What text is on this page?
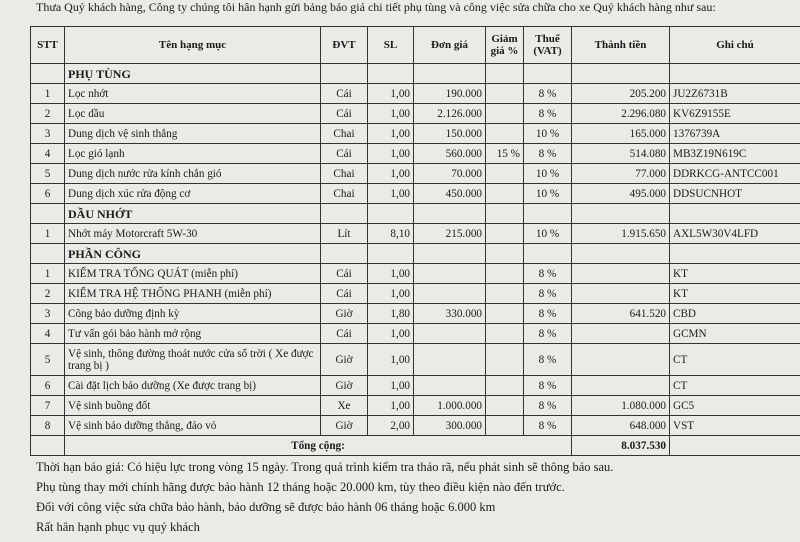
Thưa Quý khách hàng, Công ty chúng tôi hân hạnh gửi bảng báo giá chi tiết phụ tùng và công việc sửa chữa cho xe Quý khách hàng như sau:
STT	Tên hạng mục	ĐVT	SL	Đơn giá	Giảm giá %	Thuế (VAT)	Thành tiền	Ghi chú
	PHỤ TÙNG							
1	Lọc nhớt	Cái	1,00	190.000		8 %	205.200	JU2Z6731B
2	Lọc dầu	Cái	1,00	2.126.000		8 %	2.296.080	KV6Z9155E
3	Dung dịch vệ sinh thắng	Chai	1,00	150.000		10 %	165.000	1376739A
4	Lọc gió lạnh	Cái	1,00	560.000	15 %	8 %	514.080	MB3Z19N619C
5	Dung dịch nước rửa kính chắn gió	Chai	1,00	70.000		10 %	77.000	DDRKCG-ANTCC001
6	Dung dịch xúc rửa động cơ	Chai	1,00	450.000		10 %	495.000	DDSUCNHOT
	DẦU NHỚT							
1	Nhớt máy Motorcraft 5W-30	Lít	8,10	215.000		10 %	1.915.650	AXL5W30V4LFD
	PHẦN CÔNG							
1	KIỂM TRA TỔNG QUÁT (miễn phí)	Cái	1,00			8 %		KT
2	KIỂM TRA HỆ THỐNG PHANH (miễn phí)	Cái	1,00			8 %		KT
3	Công bảo dưỡng định kỳ	Giờ	1,80	330.000		8 %	641.520	CBD
4	Tư vấn gói bảo hành mở rộng	Cái	1,00			8 %		GCMN
5	Vệ sinh, thông đường thoát nước cửa sổ trời ( Xe được trang bị )	Giờ	1,00			8 %		CT
6	Cài đặt lịch bảo dưỡng (Xe được trang bị)	Giờ	1,00			8 %		CT
7	Vệ sinh buồng đốt	Xe	1,00	1.000.000		8 %	1.080.000	GC5
8	Vệ sinh bảo dưỡng thắng, đảo vỏ	Giờ	2,00	300.000		8 %	648.000	VST
	Tổng cộng:						8.037.530	
Thời hạn báo giá: Có hiệu lực trong vòng 15 ngày. Trong quá trình kiểm tra tháo rã, nếu phát sinh sẽ thông báo sau.
Phụ tùng thay mới chính hãng được bảo hành 12 tháng hoặc 20.000 km, tùy theo điều kiện nào đến trước.
Đối với công việc sửa chữa bảo hành, bảo dưỡng sẽ được bảo hành 06 tháng hoặc 6.000 km
Rất hân hạnh phục vụ quý khách
